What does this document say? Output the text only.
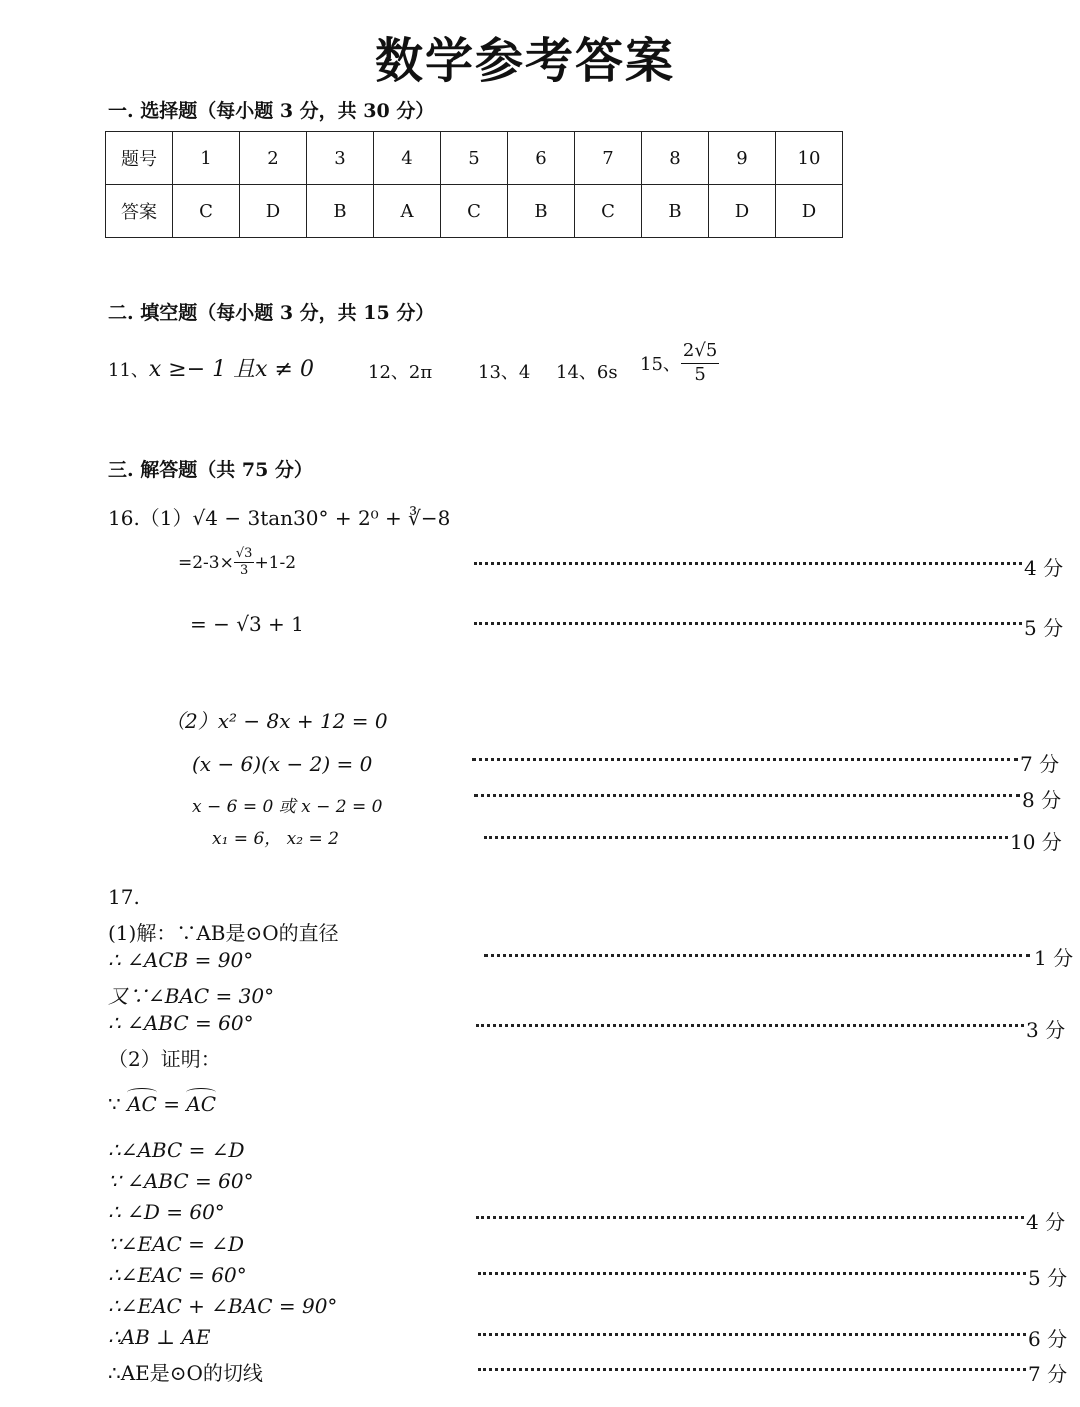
数学参考答案
一. 选择题（每小题 3 分，共 30 分）
题号	1	2	3	4	5	6	7	8	9	10
答案	C	D	B	A	C	B	C	B	D	D
二. 填空题（每小题 3 分，共 15 分）
11、x ≥− 1 且x ≠ 0	12、2π	13、4 14、6s 15、 $\frac{2√5}{5}$
三. 解答题（共 75 分）
16.（1）√4 − 3tan30° + 2⁰ + ∛−8
$=2-3\times \frac{√3}{3} +1-2$	4 分
= − √3 + 1	5 分
（2）x² − 8x + 12 = 0
(x − 6)(x − 2) = 0	7 分
x − 6 = 0 或 x − 2 = 0	8 分
x₁ = 6， x₂ = 2	10 分
17.
(1)解：∵AB是⊙O的直径
∴ ∠ACB = 90°	1 分
又∵∠BAC = 30°
∴ ∠ABC = 60°	3 分
（2）证明：
∵ AC = AC
∴∠ABC = ∠D
∵ ∠ABC = 60°
∴ ∠D = 60°	4 分
∵∠EAC = ∠D
∴∠EAC = 60°	5 分
∴∠EAC + ∠BAC = 90°
∴AB ⊥ AE	6 分
∴AE是⊙O的切线	7 分
